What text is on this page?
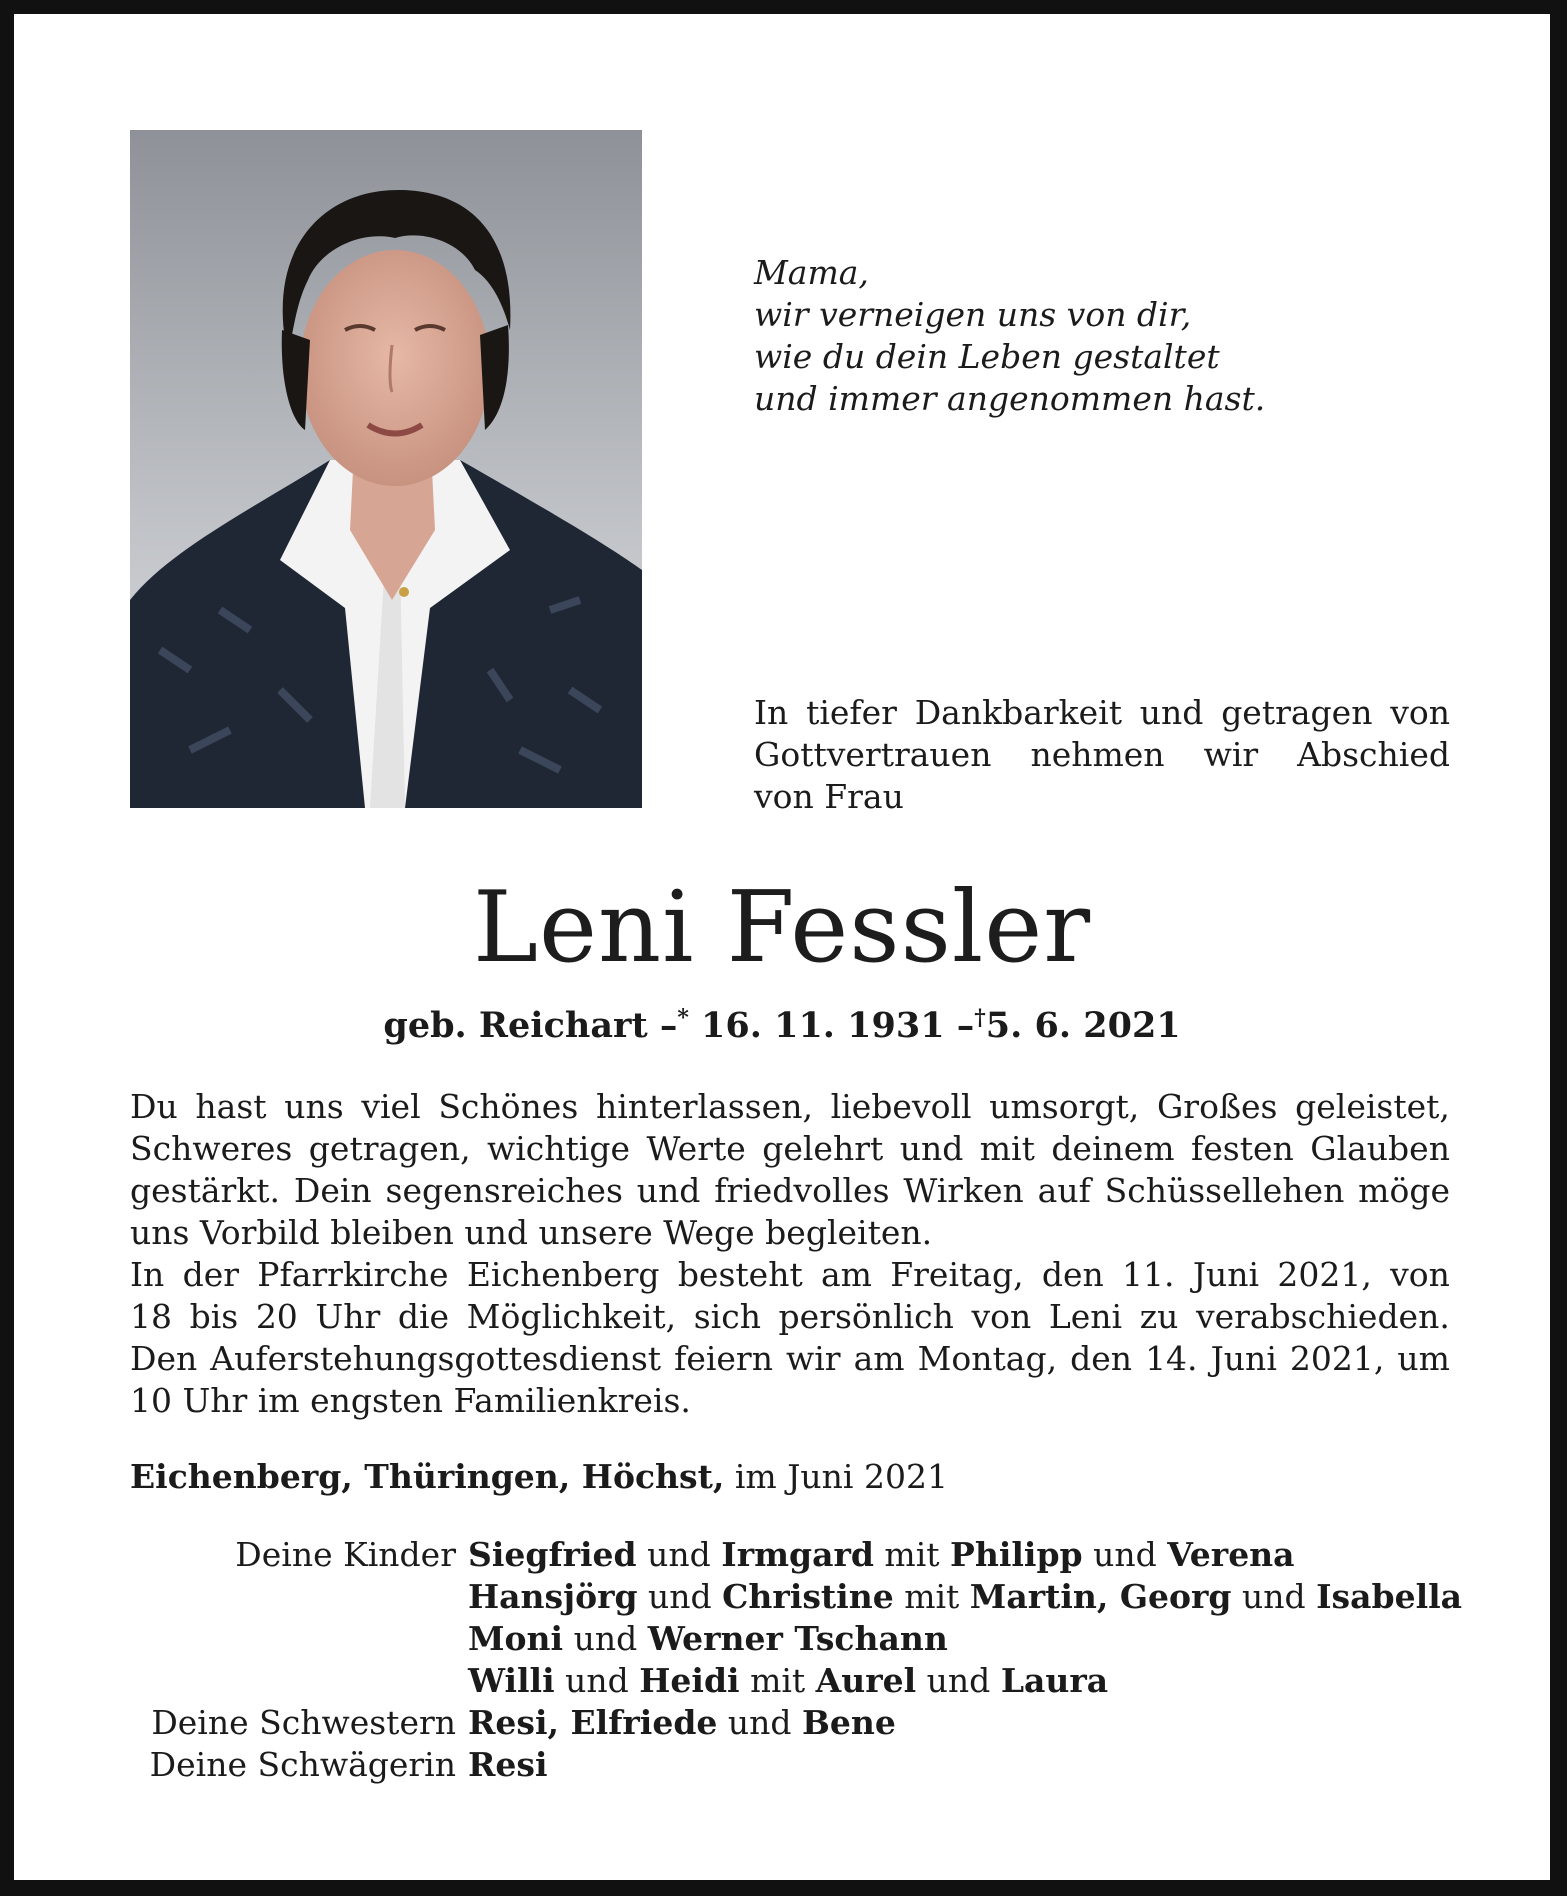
Mama,
wir verneigen uns von dir,
wie du dein Leben gestaltet
und immer angenommen hast.
In tiefer Dankbarkeit und getragen von
Gottvertrauen nehmen wir Abschied
von Frau
Leni Fessler
geb. Reichart –* 16. 11. 1931 –†5. 6. 2021
Du hast uns viel Schönes hinterlassen, liebevoll umsorgt, Großes geleistet,
Schweres getragen, wichtige Werte gelehrt und mit deinem festen Glauben
gestärkt. Dein segensreiches und friedvolles Wirken auf Schüssellehen möge
uns Vorbild bleiben und unsere Wege begleiten.
In der Pfarrkirche Eichenberg besteht am Freitag, den 11. Juni 2021, von
18 bis 20 Uhr die Möglichkeit, sich persönlich von Leni zu verabschieden.
Den Auferstehungsgottesdienst feiern wir am Montag, den 14. Juni 2021, um
10 Uhr im engsten Familienkreis.
Eichenberg, Thüringen, Höchst, im Juni 2021
Deine Kinder Siegfried und Irmgard mit Philipp und Verena
Hansjörg und Christine mit Martin, Georg und Isabella
Moni und Werner Tschann
Willi und Heidi mit Aurel und Laura
Deine Schwestern Resi, Elfriede und Bene
Deine Schwägerin Resi
